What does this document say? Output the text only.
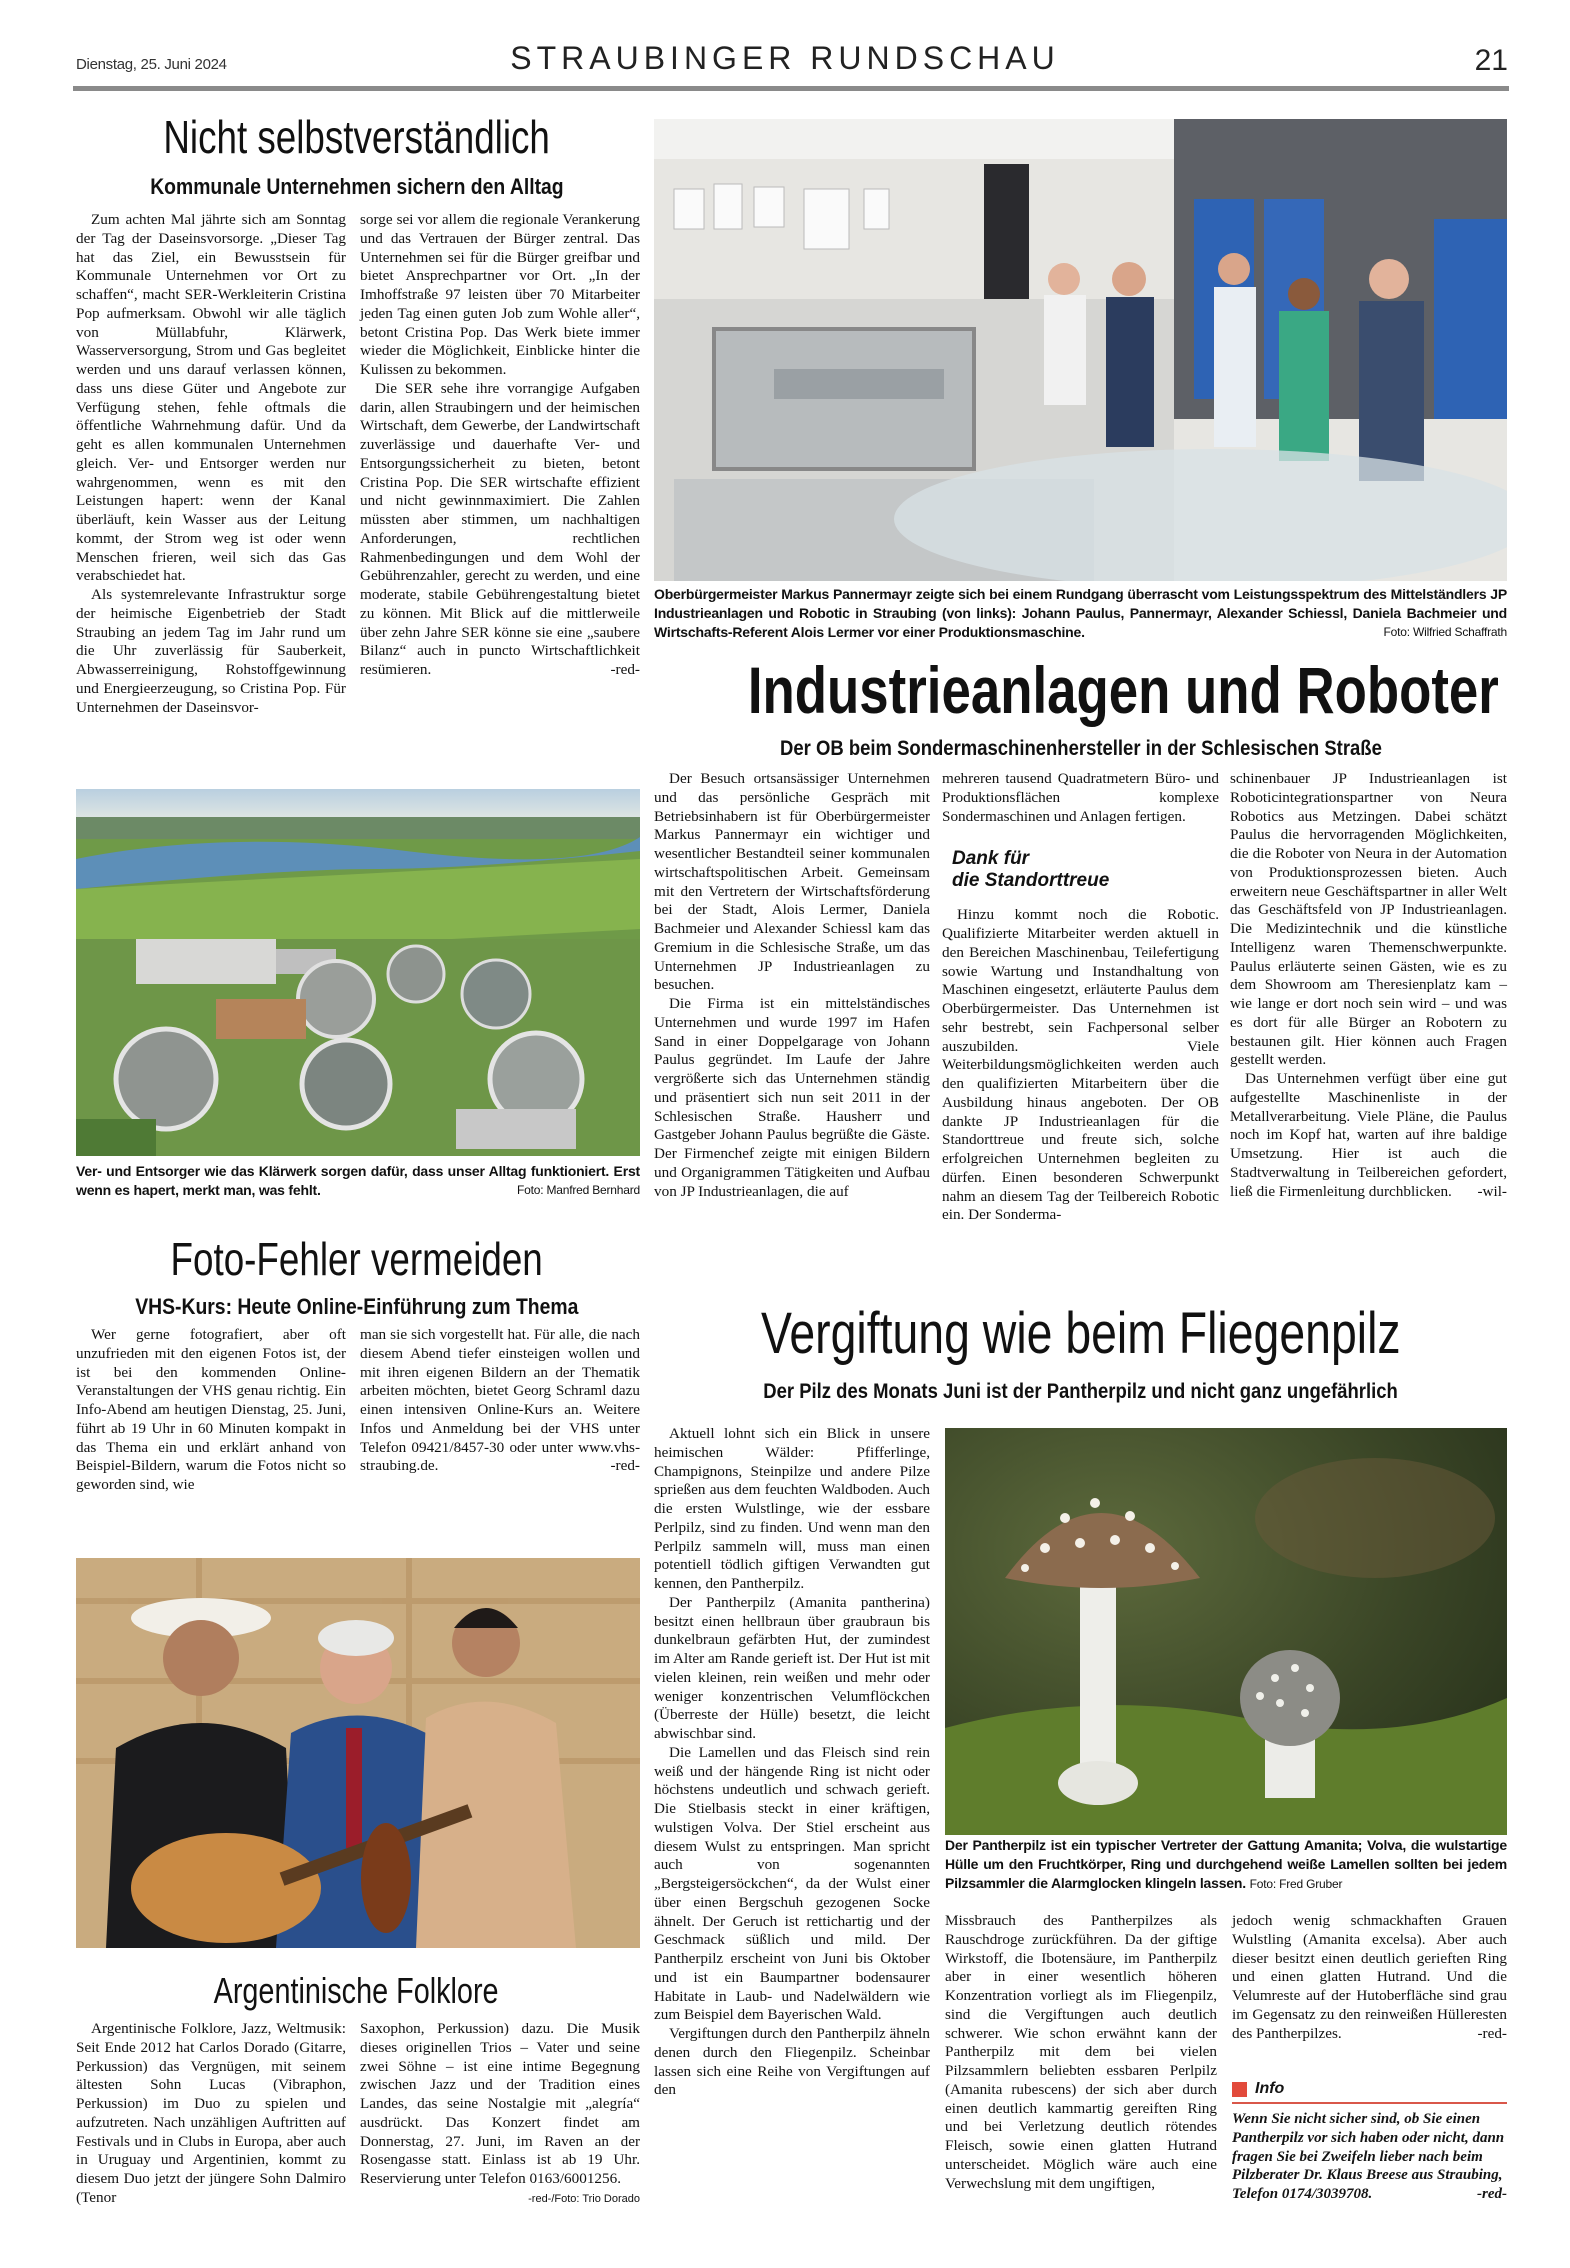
Dienstag, 25. Juni 2024	STRAUBINGER RUNDSCHAU	21
Nicht selbstverständlich
Kommunale Unternehmen sichern den Alltag

Zum achten Mal jährte sich am Sonntag der Tag der Daseinsvorsorge. „Dieser Tag hat das Ziel, ein Bewusstsein für Kommunale Unternehmen vor Ort zu schaffen“, macht SER-Werkleiterin Cristina Pop aufmerksam. Obwohl wir alle täglich von Müllabfuhr, Klärwerk, Wasserversorgung, Strom und Gas begleitet werden und uns darauf verlassen können, dass uns diese Güter und Angebote zur Verfügung stehen, fehle oftmals die öffentliche Wahrnehmung dafür. Und da geht es allen kommunalen Unternehmen gleich. Ver- und Entsorger werden nur wahrgenommen, wenn es mit den Leistungen hapert: wenn der Kanal überläuft, kein Wasser aus der Leitung kommt, der Strom weg ist oder wenn Menschen frieren, weil sich das Gas verabschiedet hat.

Als systemrelevante Infrastruktur sorge der heimische Eigenbetrieb der Stadt Straubing an jedem Tag im Jahr rund um die Uhr zuverlässig für Sauberkeit, Abwasserreinigung, Rohstoffgewinnung und Energieerzeugung, so Cristina Pop. Für Unternehmen der Daseinsvor-

sorge sei vor allem die regionale Verankerung und das Vertrauen der Bürger zentral. Das Unternehmen sei für die Bürger greifbar und bietet Ansprechpartner vor Ort. „In der Imhoffstraße 97 leisten über 70 Mitarbeiter jeden Tag einen guten Job zum Wohle aller“, betont Cristina Pop. Das Werk biete immer wieder die Möglichkeit, Einblicke hinter die Kulissen zu bekommen.

Die SER sehe ihre vorrangige Aufgaben darin, allen Straubingern und der heimischen Wirtschaft, dem Gewerbe, der Landwirtschaft zuverlässige und dauerhafte Ver- und Entsorgungssicherheit zu bieten, betont Cristina Pop. Die SER wirtschafte effizient und nicht gewinnmaximiert. Die Zahlen müssten aber stimmen, um nachhaltigen Anforderungen, rechtlichen Rahmenbedingungen und dem Wohl der Gebührenzahler, gerecht zu werden, und eine moderate, stabile Gebührengestaltung bietet zu können. Mit Blick auf die mittlerweile über zehn Jahre SER könne sie eine „saubere Bilanz“ auch in puncto Wirtschaftlichkeit resümieren.	-red-

Ver- und Entsorger wie das Klärwerk sorgen dafür, dass unser Alltag funktioniert. Erst wenn es hapert, merkt man, was fehlt.	Foto: Manfred Bernhard
Foto-Fehler vermeiden
VHS-Kurs: Heute Online-Einführung zum Thema

Wer gerne fotografiert, aber oft unzufrieden mit den eigenen Fotos ist, der ist bei den kommenden Online-Veranstaltungen der VHS genau richtig. Ein Info-Abend am heutigen Dienstag, 25. Juni, führt ab 19 Uhr in 60 Minuten kompakt in das Thema ein und erklärt anhand von Beispiel-Bildern, warum die Fotos nicht so geworden sind, wie

man sie sich vorgestellt hat. Für alle, die nach diesem Abend tiefer einsteigen wollen und mit ihren eigenen Bildern an der Thematik arbeiten möchten, bietet Georg Schraml dazu einen intensiven Online-Kurs an. Weitere Infos und Anmeldung bei der VHS unter Telefon 09421/8457-30 oder unter www.vhs-straubing.de.	-red-

Argentinische Folklore

Argentinische Folklore, Jazz, Weltmusik: Seit Ende 2012 hat Carlos Dorado (Gitarre, Perkussion) das Vergnügen, mit seinem ältesten Sohn Lucas (Vibraphon, Perkussion) im Duo zu spielen und aufzutreten. Nach unzähligen Auftritten auf Festivals und in Clubs in Europa, aber auch in Uruguay und Argentinien, kommt zu diesem Duo jetzt der jüngere Sohn Dalmiro (Tenor

Saxophon, Perkussion) dazu. Die Musik dieses originellen Trios – Vater und seine zwei Söhne – ist eine intime Begegnung zwischen Jazz und der Tradition eines Landes, das seine Nostalgie mit „alegría“ ausdrückt. Das Konzert findet am Donnerstag, 27. Juni, im Raven an der Rosengasse statt. Einlass ist ab 19 Uhr. Reservierung unter Telefon 0163/6001256.
-red-/Foto: Trio Dorado

Oberbürgermeister Markus Pannermayr zeigte sich bei einem Rundgang überrascht vom Leistungsspektrum des Mittelständlers JP Industrieanlagen und Robotic in Straubing (von links): Johann Paulus, Pannermayr, Alexander Schiessl, Daniela Bachmeier und Wirtschafts-Referent Alois Lermer vor einer Produktionsmaschine.	Foto: Wilfried Schaffrath
Industrieanlagen und Roboter
Der OB beim Sondermaschinenhersteller in der Schlesischen Straße

Der Besuch ortsansässiger Unternehmen und das persönliche Gespräch mit Betriebsinhabern ist für Oberbürgermeister Markus Pannermayr ein wichtiger und wesentlicher Bestandteil seiner kommunalen wirtschaftspolitischen Arbeit. Gemeinsam mit den Vertretern der Wirtschaftsförderung bei der Stadt, Alois Lermer, Daniela Bachmeier und Alexander Schiessl kam das Gremium in die Schlesische Straße, um das Unternehmen JP Industrieanlagen zu besuchen.

Die Firma ist ein mittelständisches Unternehmen und wurde 1997 im Hafen Sand in einer Doppelgarage von Johann Paulus gegründet. Im Laufe der Jahre vergrößerte sich das Unternehmen ständig und präsentiert sich nun seit 2011 in der Schlesischen Straße. Hausherr und Gastgeber Johann Paulus begrüßte die Gäste. Der Firmenchef zeigte mit einigen Bildern und Organigrammen Tätigkeiten und Aufbau von JP Industrieanlagen, die auf

mehreren tausend Quadratmetern Büro- und Produktionsflächen komplexe Sondermaschinen und Anlagen fertigen.

Dank für
die Standorttreue

Hinzu kommt noch die Robotic. Qualifizierte Mitarbeiter werden aktuell in den Bereichen Maschinenbau, Teilefertigung sowie Wartung und Instandhaltung von Maschinen eingesetzt, erläuterte Paulus dem Oberbürgermeister. Das Unternehmen ist sehr bestrebt, sein Fachpersonal selber auszubilden. Viele Weiterbildungsmöglichkeiten werden auch den qualifizierten Mitarbeitern über die Ausbildung hinaus angeboten. Der OB dankte JP Industrieanlagen für die Standorttreue und freute sich, solche erfolgreichen Unternehmen begleiten zu dürfen. Einen besonderen Schwerpunkt nahm an diesem Tag der Teilbereich Robotic ein. Der Sonderma-

schinenbauer JP Industrieanlagen ist Roboticintegrationspartner von Neura Robotics aus Metzingen. Dabei schätzt Paulus die hervorragenden Möglichkeiten, die die Roboter von Neura in der Automation von Produktionsprozessen bieten. Auch erweitern neue Geschäftspartner in aller Welt das Geschäftsfeld von JP Industrieanlagen. Die Medizintechnik und die künstliche Intelligenz waren Themenschwerpunkte. Paulus erläuterte seinen Gästen, wie es zu dem Showroom am Theresienplatz kam – wie lange er dort noch sein wird – und was es dort für alle Bürger an Robotern zu bestaunen gilt. Hier können auch Fragen gestellt werden.

Das Unternehmen verfügt über eine gut aufgestellte Maschinenliste in der Metallverarbeitung. Viele Pläne, die Paulus noch im Kopf hat, warten auf ihre baldige Umsetzung. Hier ist auch die Stadtverwaltung in Teilbereichen gefordert, ließ die Firmenleitung durchblicken.	-wil-

Vergiftung wie beim Fliegenpilz
Der Pilz des Monats Juni ist der Pantherpilz und nicht ganz ungefährlich

Aktuell lohnt sich ein Blick in unsere heimischen Wälder: Pfifferlinge, Champignons, Steinpilze und andere Pilze sprießen aus dem feuchten Waldboden. Auch die ersten Wulstlinge, wie der essbare Perlpilz, sind zu finden. Und wenn man den Perlpilz sammeln will, muss man einen potentiell tödlich giftigen Verwandten gut kennen, den Pantherpilz.

Der Pantherpilz (Amanita pantherina) besitzt einen hellbraun über graubraun bis dunkelbraun gefärbten Hut, der zumindest im Alter am Rande gerieft ist. Der Hut ist mit vielen kleinen, rein weißen und mehr oder weniger konzentrischen Velumflöckchen (Überreste der Hülle) besetzt, die leicht abwischbar sind.

Die Lamellen und das Fleisch sind rein weiß und der hängende Ring ist nicht oder höchstens undeutlich und schwach gerieft. Die Stielbasis steckt in einer kräftigen, wulstigen Volva. Der Stiel erscheint aus diesem Wulst zu entspringen. Man spricht auch von sogenannten „Bergsteigersöckchen“, da der Wulst einer über einen Bergschuh gezogenen Socke ähnelt. Der Geruch ist rettichartig und der Geschmack süßlich und mild. Der Pantherpilz erscheint von Juni bis Oktober und ist ein Baumpartner bodensaurer Habitate in Laub- und Nadelwäldern wie zum Beispiel dem Bayerischen Wald.

Vergiftungen durch den Pantherpilz ähneln denen durch den Fliegenpilz. Scheinbar lassen sich eine Reihe von Vergiftungen auf den

Der Pantherpilz ist ein typischer Vertreter der Gattung Amanita; Volva, die wulstartige Hülle um den Fruchtkörper, Ring und durchgehend weiße Lamellen sollten bei jedem Pilzsammler die Alarmglocken klingeln lassen. Foto: Fred Gruber

Missbrauch des Pantherpilzes als Rauschdroge zurückführen. Da der giftige Wirkstoff, die Ibotensäure, im Pantherpilz aber in einer wesentlich höheren Konzentration vorliegt als im Fliegenpilz, sind die Vergiftungen auch deutlich schwerer. Wie schon erwähnt kann der Pantherpilz mit dem bei vielen Pilzsammlern beliebten essbaren Perlpilz (Amanita rubescens) der sich aber durch einen deutlich kammartig gereiften Ring und bei Verletzung deutlich rötendes Fleisch, sowie einen glatten Hutrand unterscheidet. Möglich wäre auch eine Verwechslung mit dem ungiftigen,

jedoch wenig schmackhaften Grauen Wulstling (Amanita excelsa). Aber auch dieser besitzt einen deutlich gerieften Ring und einen glatten Hutrand. Und die Velumreste auf der Hutoberfläche sind grau im Gegensatz zu den reinweißen Hülleresten des Pantherpilzes.	-red-

Info
Wenn Sie nicht sicher sind, ob Sie einen Pantherpilz vor sich haben oder nicht, dann fragen Sie bei Zweifeln lieber nach beim Pilzberater Dr. Klaus Breese aus Straubing, Telefon 0174/3039708.	-red-
